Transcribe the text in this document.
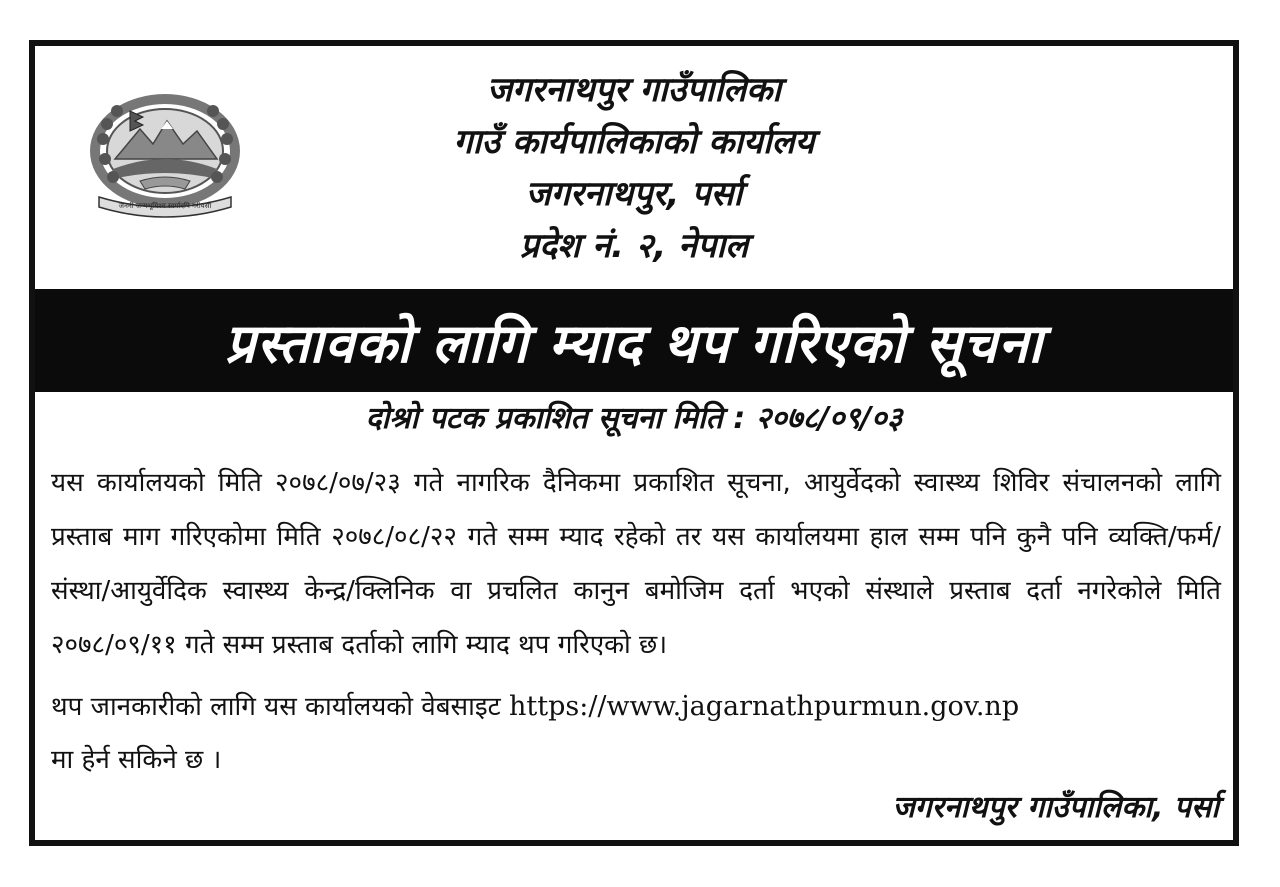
जननी जन्मभूमिश्च स्वर्गादपि गरीयसी
जगरनाथपुर गाउँपालिका
गाउँ कार्यपालिकाको कार्यालय
जगरनाथपुर, पर्सा
प्रदेश नं. २, नेपाल
प्रस्तावको लागि म्याद थप गरिएको सूचना
दोश्रो पटक प्रकाशित सूचना मिति : २०७८/०९/०३

यस कार्यालयको मिति २०७८/०७/२३ गते नागरिक दैनिकमा प्रकाशित सूचना, आयुर्वेदको स्वास्थ्य शिविर संचालनको लागि प्रस्ताब माग गरिएकोमा मिति २०७८/०८/२२ गते सम्म म्याद रहेको तर यस कार्यालयमा हाल सम्म पनि कुनै पनि व्यक्ति/फर्म/संस्था/आयुर्वेदिक स्वास्थ्य केन्द्र/क्लिनिक वा प्रचलित कानुन बमोजिम दर्ता भएको संस्थाले प्रस्ताब दर्ता नगरेकोले मिति २०७८/०९/११ गते सम्म प्रस्ताब दर्ताको लागि म्याद थप गरिएको छ।

थप जानकारीको लागि यस कार्यालयको वेबसाइट https://www.jagarnathpurmun.gov.np
मा हेर्न सकिने छ ।

जगरनाथपुर गाउँपालिका, पर्सा
